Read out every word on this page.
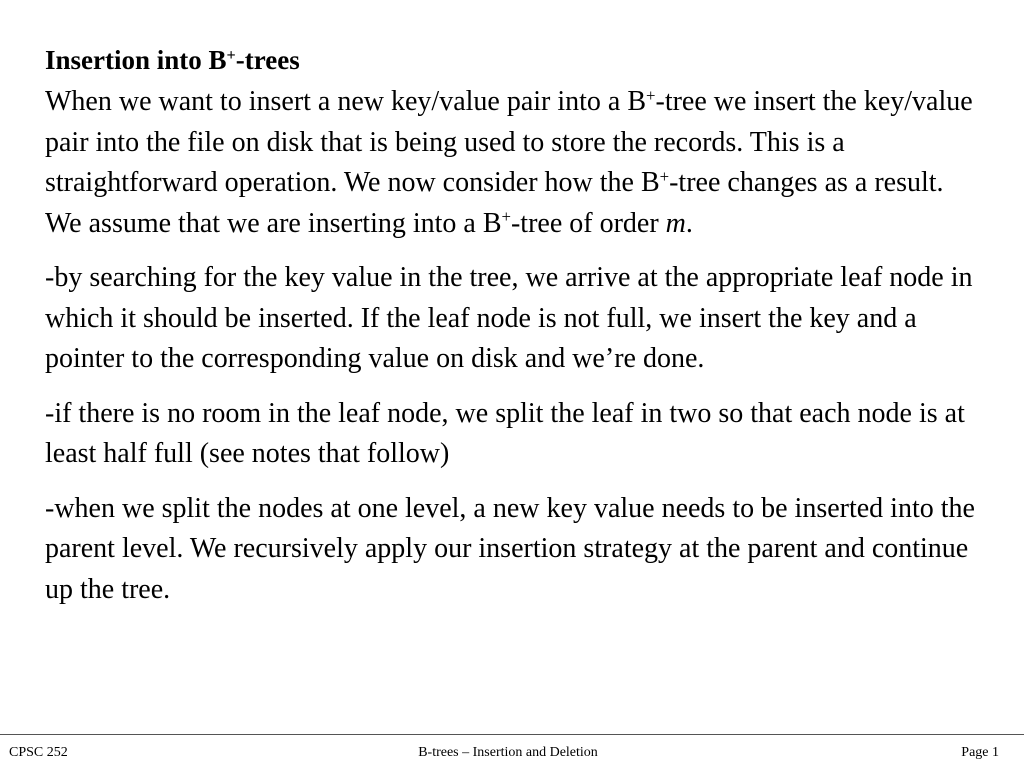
Insertion into B+-trees

When we want to insert a new key/value pair into a B+-tree we insert the key/value pair into the file on disk that is being used to store the records. This is a straightforward operation. We now consider how the B+-tree changes as a result. We assume that we are inserting into a B+-tree of order m.

-by searching for the key value in the tree, we arrive at the appropriate leaf node in which it should be inserted. If the leaf node is not full, we insert the key and a pointer to the corresponding value on disk and we’re done.

-if there is no room in the leaf node, we split the leaf in two so that each node is at least half full (see notes that follow)

-when we split the nodes at one level, a new key value needs to be inserted into the parent level. We recursively apply our insertion strategy at the parent and continue up the tree.

CPSC 252	B-trees – Insertion and Deletion	Page 1
